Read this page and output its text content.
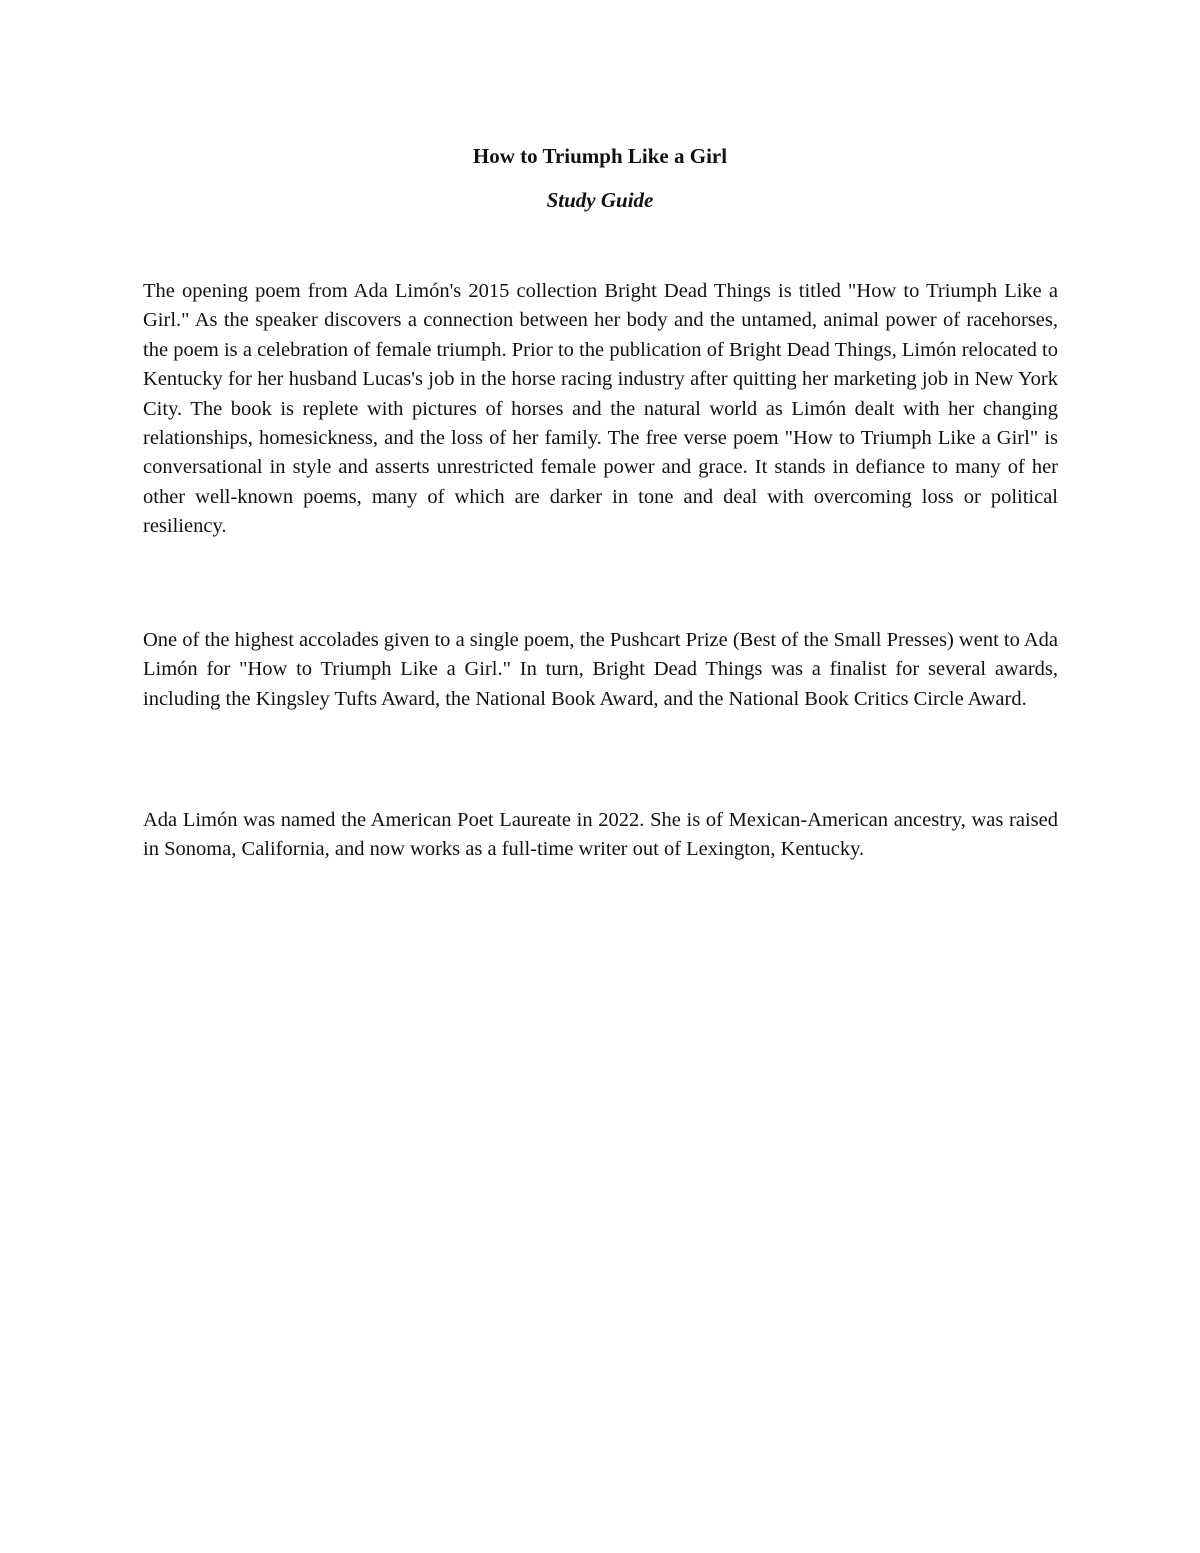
How to Triumph Like a Girl
Study Guide

The opening poem from Ada Limón's 2015 collection Bright Dead Things is titled "How to Triumph Like a Girl." As the speaker discovers a connection between her body and the untamed, animal power of racehorses, the poem is a celebration of female triumph. Prior to the publication of Bright Dead Things, Limón relocated to Kentucky for her husband Lucas's job in the horse racing industry after quitting her marketing job in New York City. The book is replete with pictures of horses and the natural world as Limón dealt with her changing relationships, homesickness, and the loss of her family. The free verse poem "How to Triumph Like a Girl" is conversational in style and asserts unrestricted female power and grace. It stands in defiance to many of her other well-known poems, many of which are darker in tone and deal with overcoming loss or political resiliency.

One of the highest accolades given to a single poem, the Pushcart Prize (Best of the Small Presses) went to Ada Limón for "How to Triumph Like a Girl." In turn, Bright Dead Things was a finalist for several awards, including the Kingsley Tufts Award, the National Book Award, and the National Book Critics Circle Award.

Ada Limón was named the American Poet Laureate in 2022. She is of Mexican-American ancestry, was raised in Sonoma, California, and now works as a full-time writer out of Lexington, Kentucky.
